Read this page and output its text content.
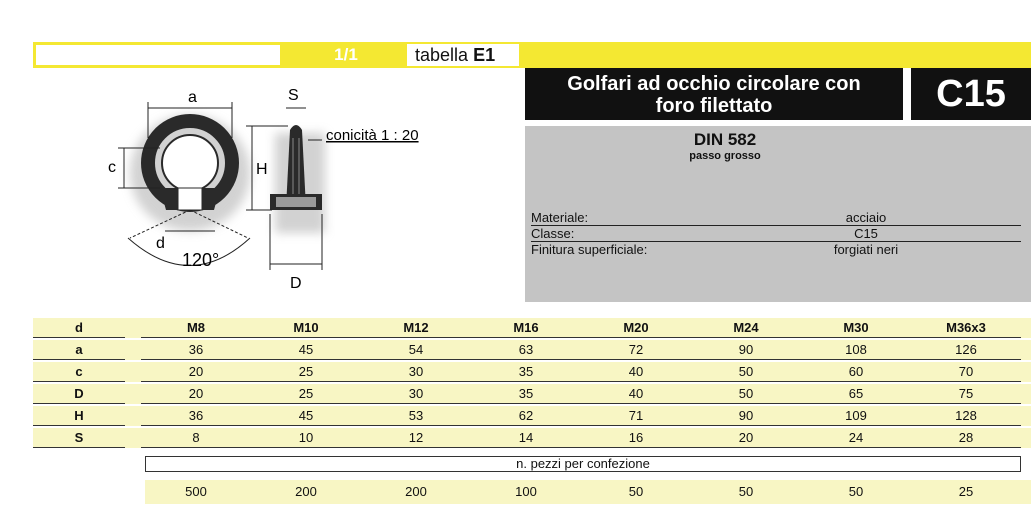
1/1	tabella E1
Golfari ad occhio circolare con
foro filettato	C15
DIN 582
passo grosso
Materiale:	acciaio
Classe:	C15
Finitura superficiale:	forgiati neri
a
c
d
120°
S
H
D
conicità 1 : 20
d	M8	M10	M12	M16	M20	M24	M30	M36x3
a	36	45	54	63	72	90	108	126
c	20	25	30	35	40	50	60	70
D	20	25	30	35	40	50	65	75
H	36	45	53	62	71	90	109	128
S	8	10	12	14	16	20	24	28
n. pezzi per confezione
500	200	200	100	50	50	50	25
